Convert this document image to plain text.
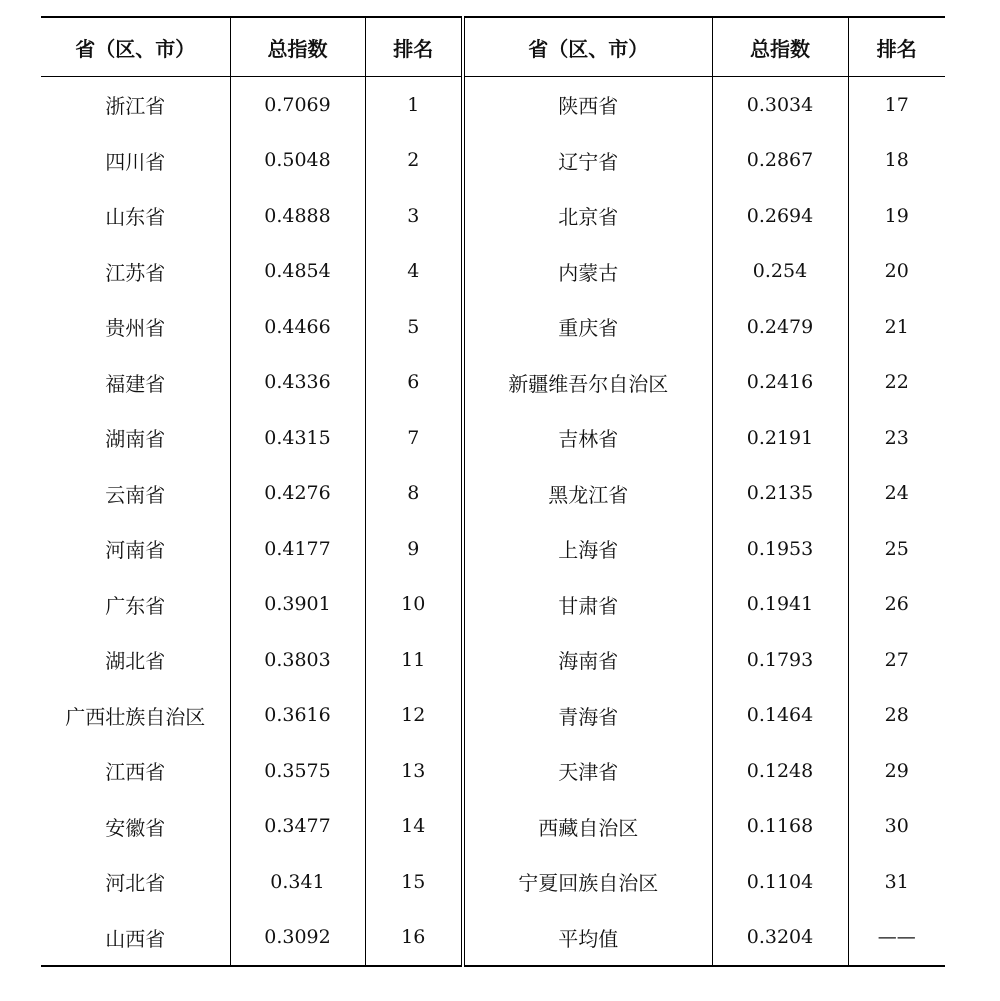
省（区、市）	总指数	排名	省（区、市）	总指数	排名
浙江省	0.7069	1	陕西省	0.3034	17
四川省	0.5048	2	辽宁省	0.2867	18
山东省	0.4888	3	北京省	0.2694	19
江苏省	0.4854	4	内蒙古	0.254	20
贵州省	0.4466	5	重庆省	0.2479	21
福建省	0.4336	6	新疆维吾尔自治区	0.2416	22
湖南省	0.4315	7	吉林省	0.2191	23
云南省	0.4276	8	黑龙江省	0.2135	24
河南省	0.4177	9	上海省	0.1953	25
广东省	0.3901	10	甘肃省	0.1941	26
湖北省	0.3803	11	海南省	0.1793	27
广西壮族自治区	0.3616	12	青海省	0.1464	28
江西省	0.3575	13	天津省	0.1248	29
安徽省	0.3477	14	西藏自治区	0.1168	30
河北省	0.341	15	宁夏回族自治区	0.1104	31
山西省	0.3092	16	平均值	0.3204	——
